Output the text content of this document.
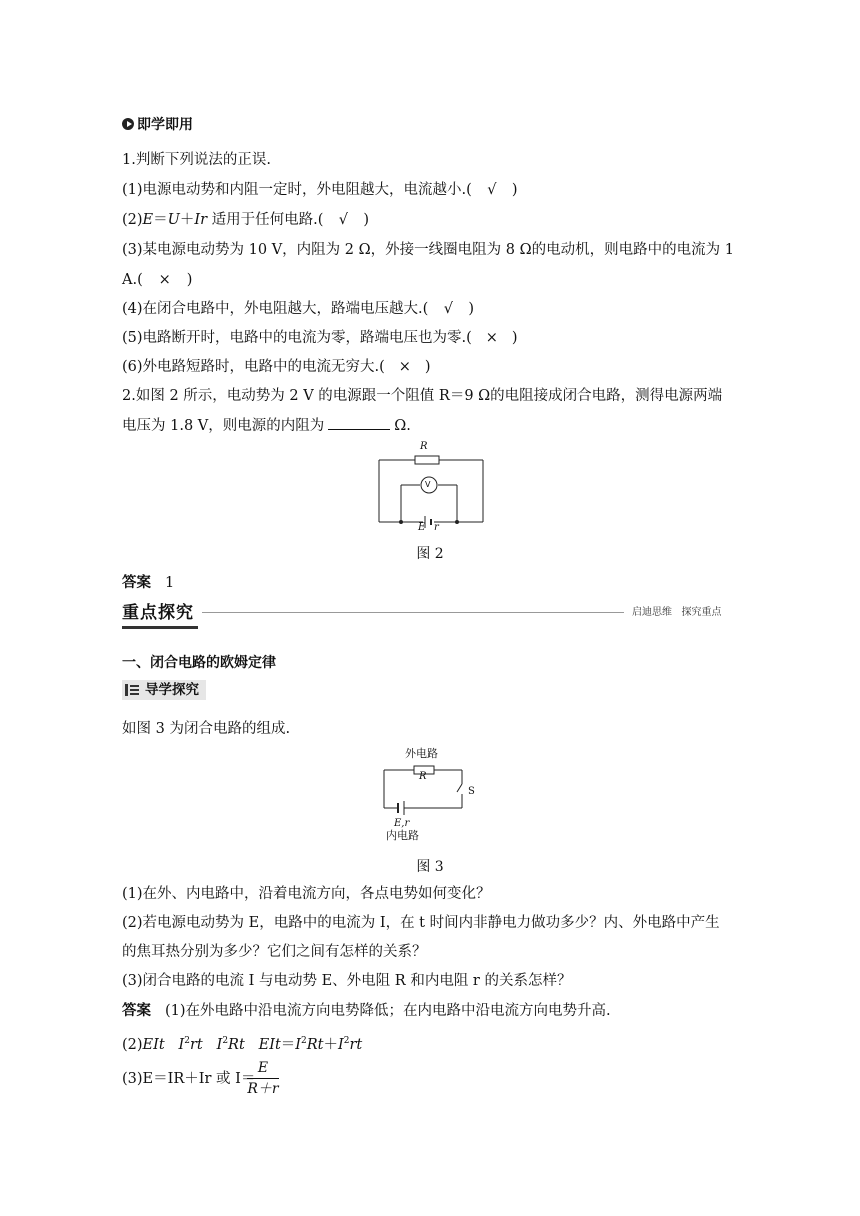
即学即用
1.判断下列说法的正误.
(1)电源电动势和内阻一定时，外电阻越大，电流越小.( √ )
(2)E＝U＋Ir 适用于任何电路.( √ )
(3)某电源电动势为 10 V，内阻为 2 Ω，外接一线圈电阻为 8 Ω的电动机，则电路中的电流为 1
A.( × )
(4)在闭合电路中，外电阻越大，路端电压越大.( √ )
(5)电路断开时，电路中的电流为零，路端电压也为零.( × )
(6)外电路短路时，电路中的电流无穷大.( × )
2.如图 2 所示，电动势为 2 V 的电源跟一个阻值 R＝9 Ω的电阻接成闭合电路，测得电源两端
电压为 1.8 V，则电源的内阻为	Ω.
R
V
E r
图 2
答案 1
重点探究	启迪思维   探究重点
一、闭合电路的欧姆定律
导学探究
如图 3 为闭合电路的组成.
外电路
R
S
E,r
内电路
图 3
(1)在外、内电路中，沿着电流方向，各点电势如何变化？
(2)若电源电动势为 E，电路中的电流为 I，在 t 时间内非静电力做功多少？内、外电路中产生
的焦耳热分别为多少？它们之间有怎样的关系？
(3)闭合电路的电流 I 与电动势 E、外电阻 R 和内电阻 r 的关系怎样？
答案 (1)在外电路中沿电流方向电势降低；在内电路中沿电流方向电势升高.
(2)EIt $I^2rt$ $I^2Rt$ $EIt=I^2Rt+I^2rt$
(3)E＝IR＋Ir 或 I＝
$\frac{E}{R+r}$
